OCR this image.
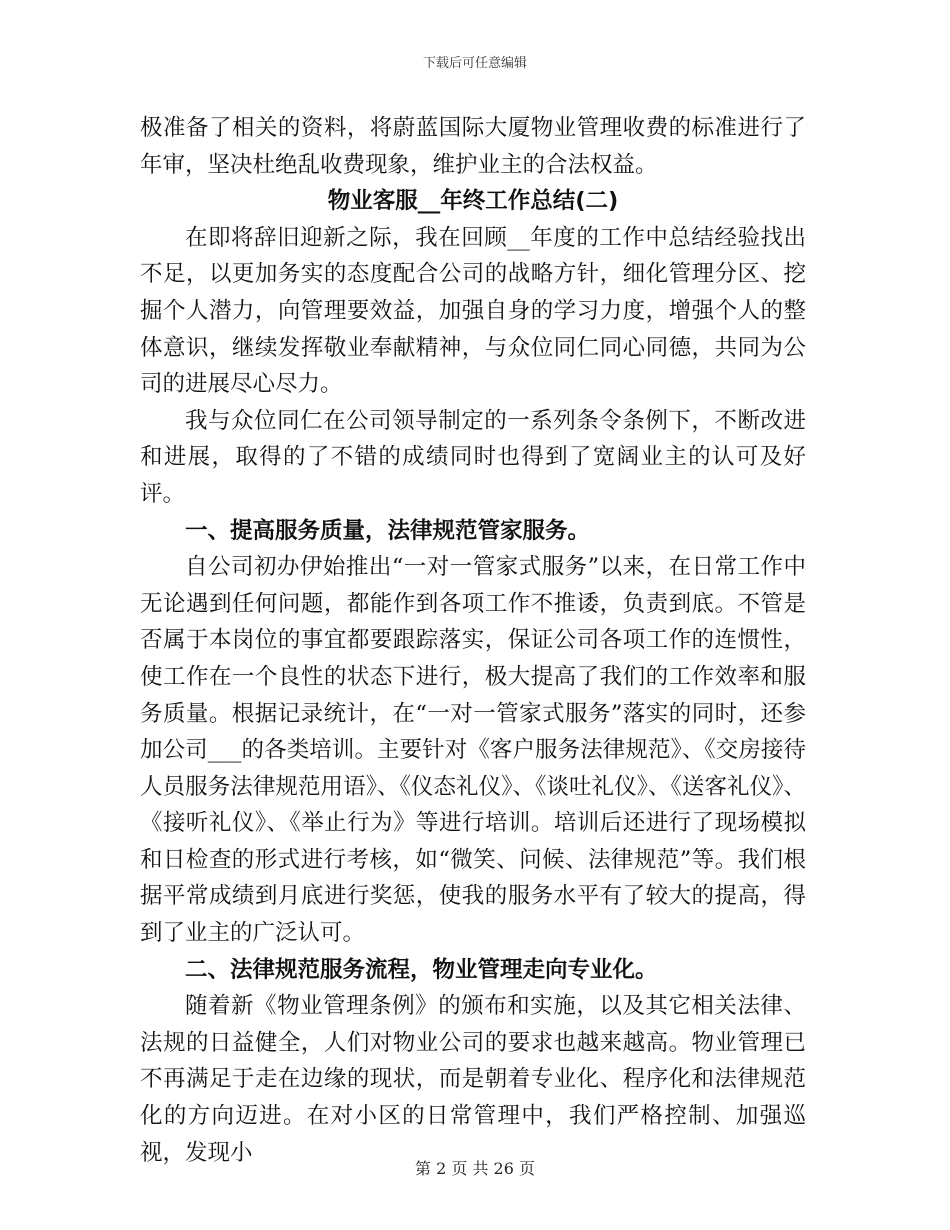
下载后可任意编辑

极准备了相关的资料，将蔚蓝国际大厦物业管理收费的标准进行了年审，坚决杜绝乱收费现象，维护业主的合法权益。

物业客服__年终工作总结(二)

在即将辞旧迎新之际，我在回顾__年度的工作中总结经验找出不足，以更加务实的态度配合公司的战略方针，细化管理分区、挖掘个人潜力，向管理要效益，加强自身的学习力度，增强个人的整体意识，继续发挥敬业奉献精神，与众位同仁同心同德，共同为公司的进展尽心尽力。

我与众位同仁在公司领导制定的一系列条令条例下，不断改进和进展，取得的了不错的成绩同时也得到了宽阔业主的认可及好评。

一、提高服务质量，法律规范管家服务。

自公司初办伊始推出“一对一管家式服务”以来，在日常工作中无论遇到任何问题，都能作到各项工作不推诿，负责到底。不管是否属于本岗位的事宜都要跟踪落实，保证公司各项工作的连惯性，使工作在一个良性的状态下进行，极大提高了我们的工作效率和服务质量。根据记录统计，在“一对一管家式服务”落实的同时，还参加公司___的各类培训。主要针对《客户服务法律规范》、《交房接待人员服务法律规范用语》、《仪态礼仪》、《谈吐礼仪》、《送客礼仪》、《接听礼仪》、《举止行为》等进行培训。培训后还进行了现场模拟和日检查的形式进行考核，如“微笑、问候、法律规范”等。我们根据平常成绩到月底进行奖惩，使我的服务水平有了较大的提高，得到了业主的广泛认可。

二、法律规范服务流程，物业管理走向专业化。

随着新《物业管理条例》的颁布和实施，以及其它相关法律、法规的日益健全，人们对物业公司的要求也越来越高。物业管理已不再满足于走在边缘的现状，而是朝着专业化、程序化和法律规范化的方向迈进。在对小区的日常管理中，我们严格控制、加强巡视，发现小

第 2 页 共 26 页
